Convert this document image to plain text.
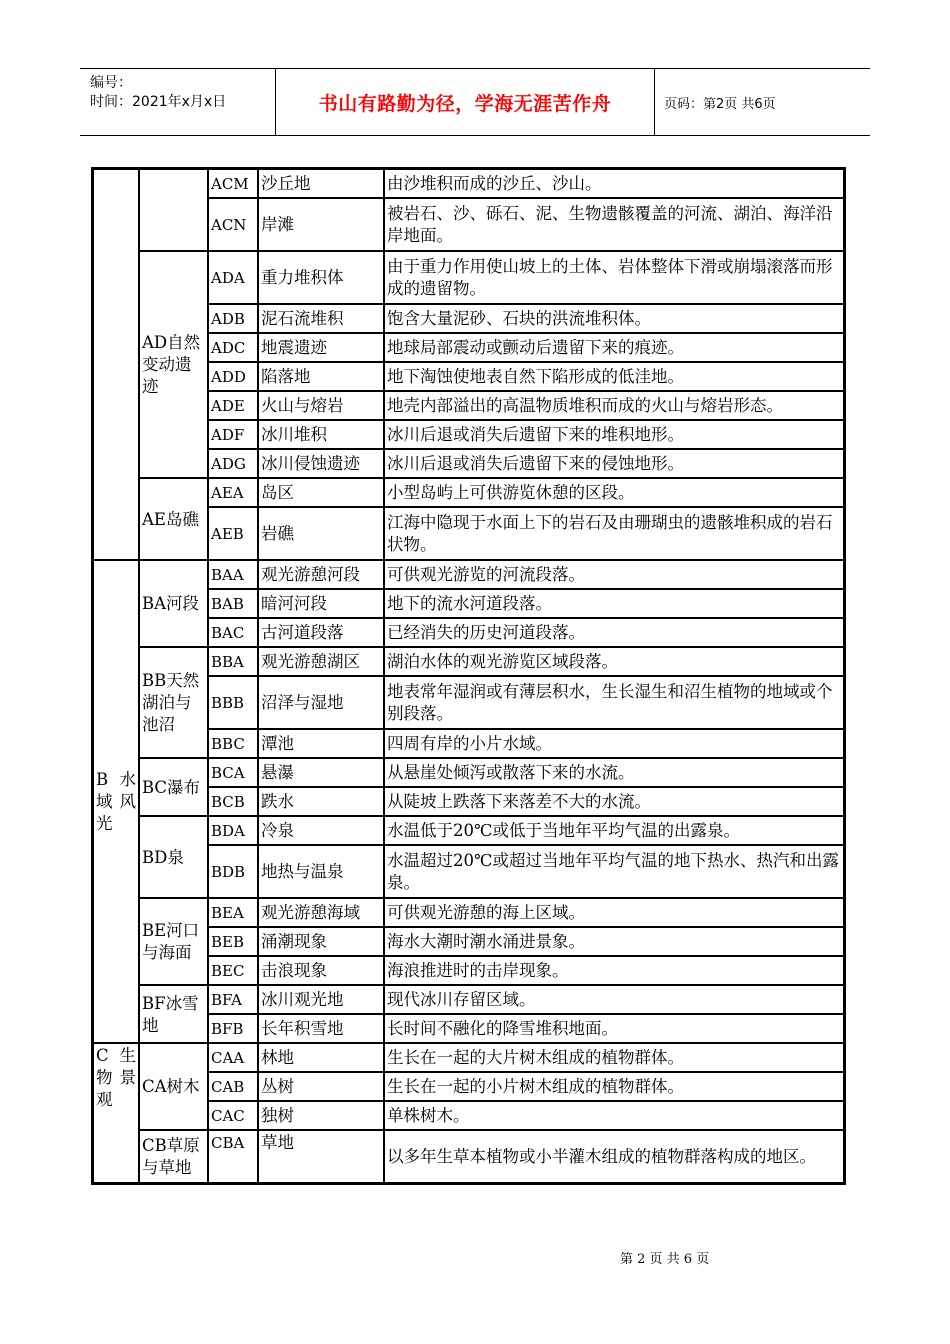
编号：
时间：2021年x月x日	书山有路勤为径，学海无涯苦作舟	页码：第2页 共6页
		ACM	沙丘地	由沙堆积而成的沙丘、沙山。
		ACN	岸滩	被岩石、沙、砾石、泥、生物遗骸覆盖的河流、湖泊、海洋沿岸地面。
	AD自然变动遗迹	ADA	重力堆积体	由于重力作用使山坡上的土体、岩体整体下滑或崩塌滚落而形成的遗留物。
		ADB	泥石流堆积	饱含大量泥砂、石块的洪流堆积体。
		ADC	地震遗迹	地球局部震动或颤动后遗留下来的痕迹。
		ADD	陷落地	地下淘蚀使地表自然下陷形成的低洼地。
		ADE	火山与熔岩	地壳内部溢出的高温物质堆积而成的火山与熔岩形态。
		ADF	冰川堆积	冰川后退或消失后遗留下来的堆积地形。
		ADG	冰川侵蚀遗迹	冰川后退或消失后遗留下来的侵蚀地形。
	AE岛礁	AEA	岛区	小型岛屿上可供游览休憩的区段。
		AEB	岩礁	江海中隐现于水面上下的岩石及由珊瑚虫的遗骸堆积成的岩石状物。
B 水域风光	BA河段	BAA	观光游憩河段	可供观光游览的河流段落。
		BAB	暗河河段	地下的流水河道段落。
		BAC	古河道段落	已经消失的历史河道段落。
	BB天然湖泊与池沼	BBA	观光游憩湖区	湖泊水体的观光游览区域段落。
		BBB	沼泽与湿地	地表常年湿润或有薄层积水，生长湿生和沼生植物的地域或个别段落。
		BBC	潭池	四周有岸的小片水域。
	BC瀑布	BCA	悬瀑	从悬崖处倾泻或散落下来的水流。
		BCB	跌水	从陡坡上跌落下来落差不大的水流。
	BD泉	BDA	冷泉	水温低于20℃或低于当地年平均气温的出露泉。
		BDB	地热与温泉	水温超过20℃或超过当地年平均气温的地下热水、热汽和出露泉。
	BE河口与海面	BEA	观光游憩海域	可供观光游憩的海上区域。
		BEB	涌潮现象	海水大潮时潮水涌进景象。
		BEC	击浪现象	海浪推进时的击岸现象。
	BF冰雪地	BFA	冰川观光地	现代冰川存留区域。
		BFB	长年积雪地	长时间不融化的降雪堆积地面。
C 生物景观	CA树木	CAA	林地	生长在一起的大片树木组成的植物群体。
		CAB	丛树	生长在一起的小片树木组成的植物群体。
		CAC	独树	单株树木。
	CB草原与草地	CBA	草地	以多年生草本植物或小半灌木组成的植物群落构成的地区。
第 2 页 共 6 页
